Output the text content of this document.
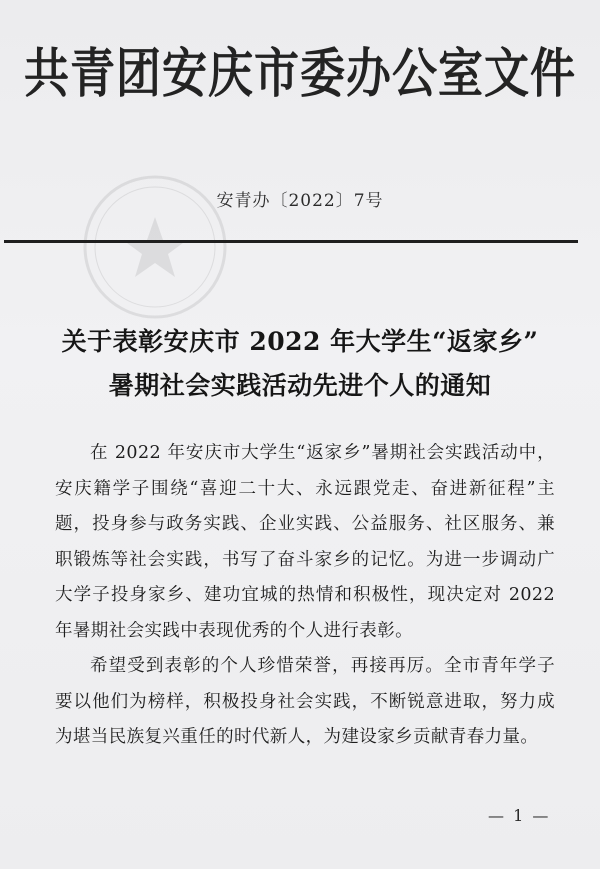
共青团安庆市委办公室文件
安青办〔2022〕7号
关于表彰安庆市 2022 年大学生“返家乡”
暑期社会实践活动先进个人的通知

在 2022 年安庆市大学生“返家乡”暑期社会实践活动中，安庆籍学子围绕“喜迎二十大、永远跟党走、奋进新征程”主题，投身参与政务实践、企业实践、公益服务、社区服务、兼职锻炼等社会实践，书写了奋斗家乡的记忆。为进一步调动广大学子投身家乡、建功宜城的热情和积极性，现决定对 2022 年暑期社会实践中表现优秀的个人进行表彰。

希望受到表彰的个人珍惜荣誉，再接再厉。全市青年学子要以他们为榜样，积极投身社会实践，不断锐意进取，努力成为堪当民族复兴重任的时代新人，为建设家乡贡献青春力量。

— 1 —
